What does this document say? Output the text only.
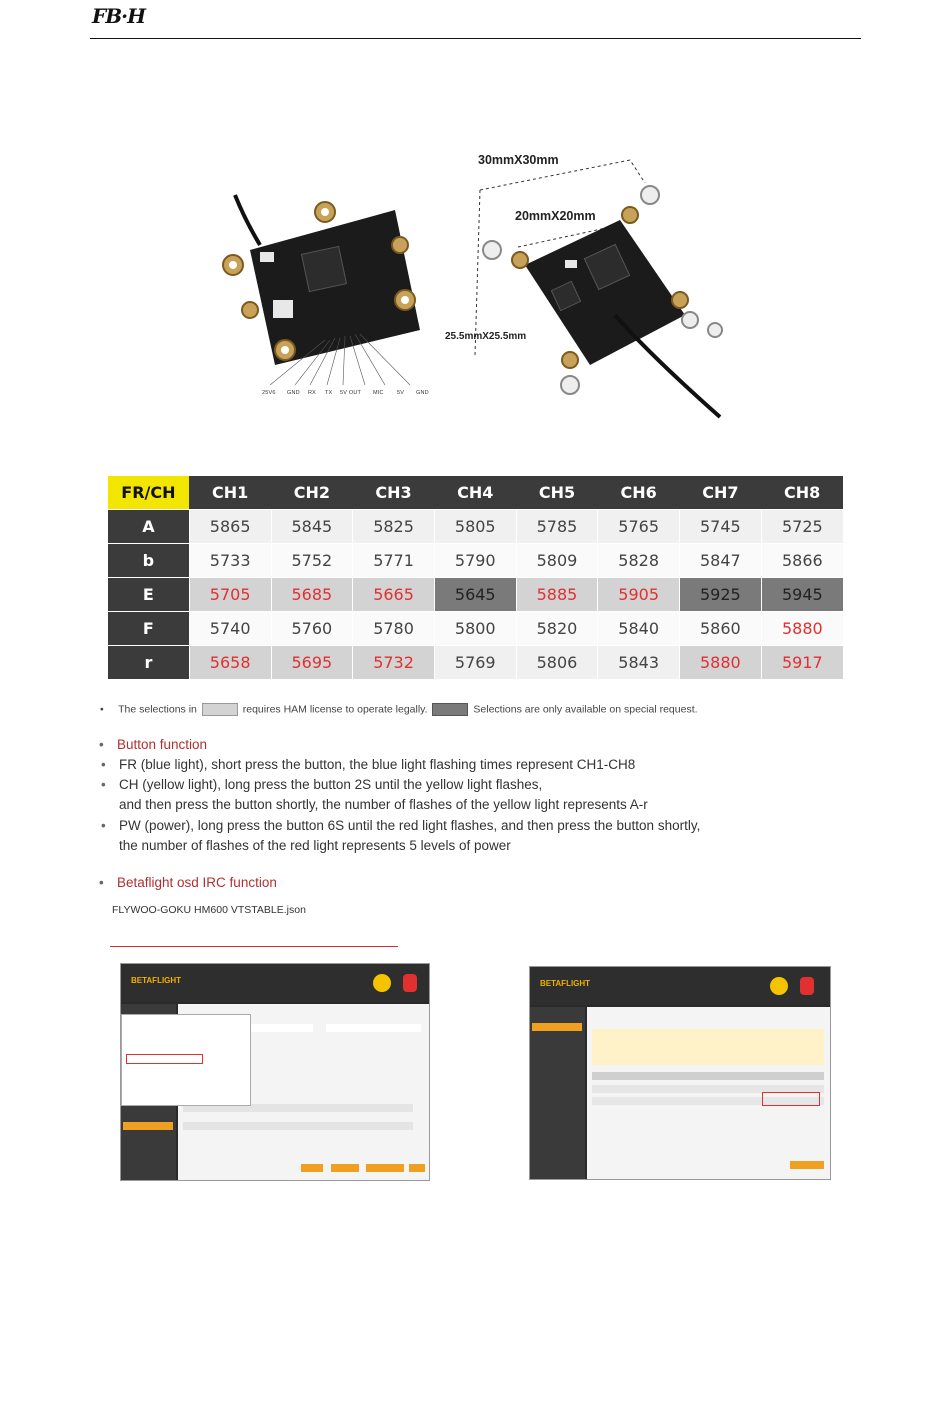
FB·H
25V6 GND RX TX 5V OUT MIC 5V GND
30mmX30mm
20mmX20mm
25.5mmX25.5mm
FR/CH	CH1	CH2	CH3	CH4	CH5	CH6	CH7	CH8
A	5865	5845	5825	5805	5785	5765	5745	5725
b	5733	5752	5771	5790	5809	5828	5847	5866
E	5705	5685	5665	5645	5885	5905	5925	5945
F	5740	5760	5780	5800	5820	5840	5860	5880
r	5658	5695	5732	5769	5806	5843	5880	5917
•     The selections in	requires HAM license to operate legally.	Selections are only available on special request.
• Button function
• FR (blue light), short press the button, the blue light flashing times represent CH1-CH8
• CH (yellow light), long press the button 2S until the yellow light flashes,
and then press the button shortly, the number of flashes of the yellow light represents A-r
• PW (power), long press the button 6S until the red light flashes, and then press the button shortly,
the number of flashes of the red light represents 5 levels of power
• Betaflight osd IRC function
FLYWOO-GOKU HM600 VTSTABLE.json
BETAFLIGHT	BETAFLIGHT
